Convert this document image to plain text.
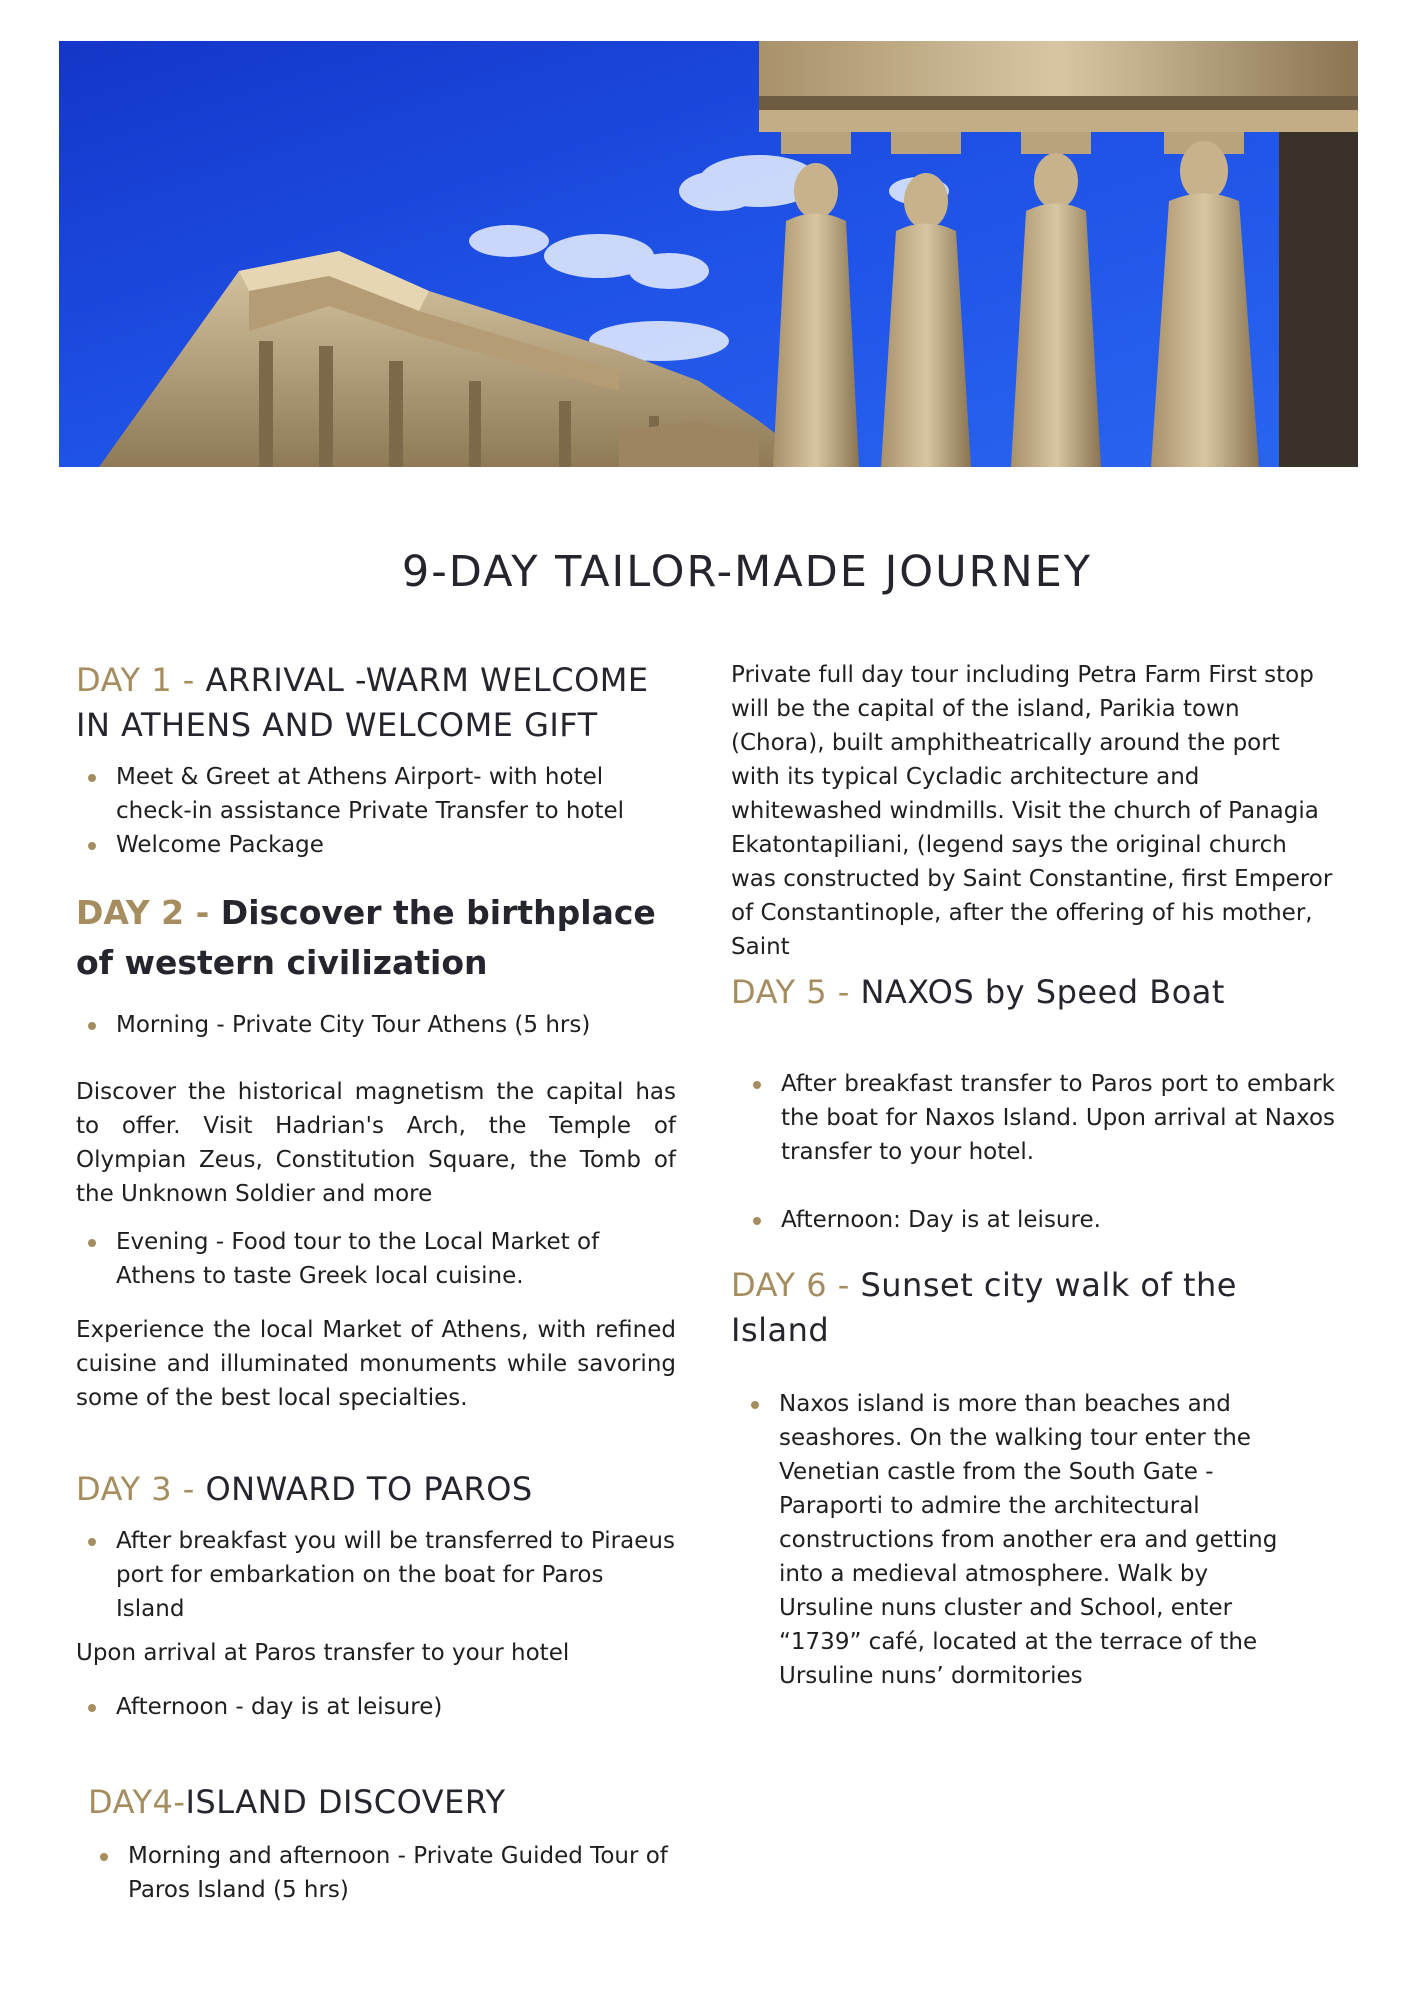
9-DAY TAILOR-MADE JOURNEY
DAY 1 - ARRIVAL -WARM WELCOME IN ATHENS AND WELCOME GIFT
Meet & Greet at Athens Airport- with hotel check-in assistance Private Transfer to hotel
Welcome Package
DAY 2 - Discover the birthplace of western civilization
Morning - Private City Tour Athens (5 hrs)

Discover the historical magnetism the capital has to offer. Visit Hadrian's Arch, the Temple of Olympian Zeus, Constitution Square, the Tomb of the Unknown Soldier and more

Evening - Food tour to the Local Market of Athens to taste Greek local cuisine.

Experience the local Market of Athens, with refined cuisine and illuminated monuments while savoring some of the best local specialties.

DAY 3 - ONWARD TO PAROS
After breakfast you will be transferred to Piraeus port for embarkation on the boat for Paros Island

Upon arrival at Paros transfer to your hotel

Afternoon - day is at leisure)
DAY4-ISLAND DISCOVERY
Morning and afternoon - Private Guided Tour of Paros Island (5 hrs)

Private full day tour including Petra Farm First stop will be the capital of the island, Parikia town (Chora), built amphitheatrically around the port with its typical Cycladic architecture and whitewashed windmills. Visit the church of Panagia Ekatontapiliani, (legend says the original church was constructed by Saint Constantine, first Emperor of Constantinople, after the offering of his mother, Saint

DAY 5 - NAXOS by Speed Boat
After breakfast transfer to Paros port to embark the boat for Naxos Island. Upon arrival at Naxos transfer to your hotel.
Afternoon: Day is at leisure.
DAY 6 - Sunset city walk of the Island
Naxos island is more than beaches and seashores. On the walking tour enter the Venetian castle from the South Gate - Paraporti to admire the architectural constructions from another era and getting into a medieval atmosphere. Walk by Ursuline nuns cluster and School, enter “1739” café, located at the terrace of the Ursuline nuns’ dormitories
